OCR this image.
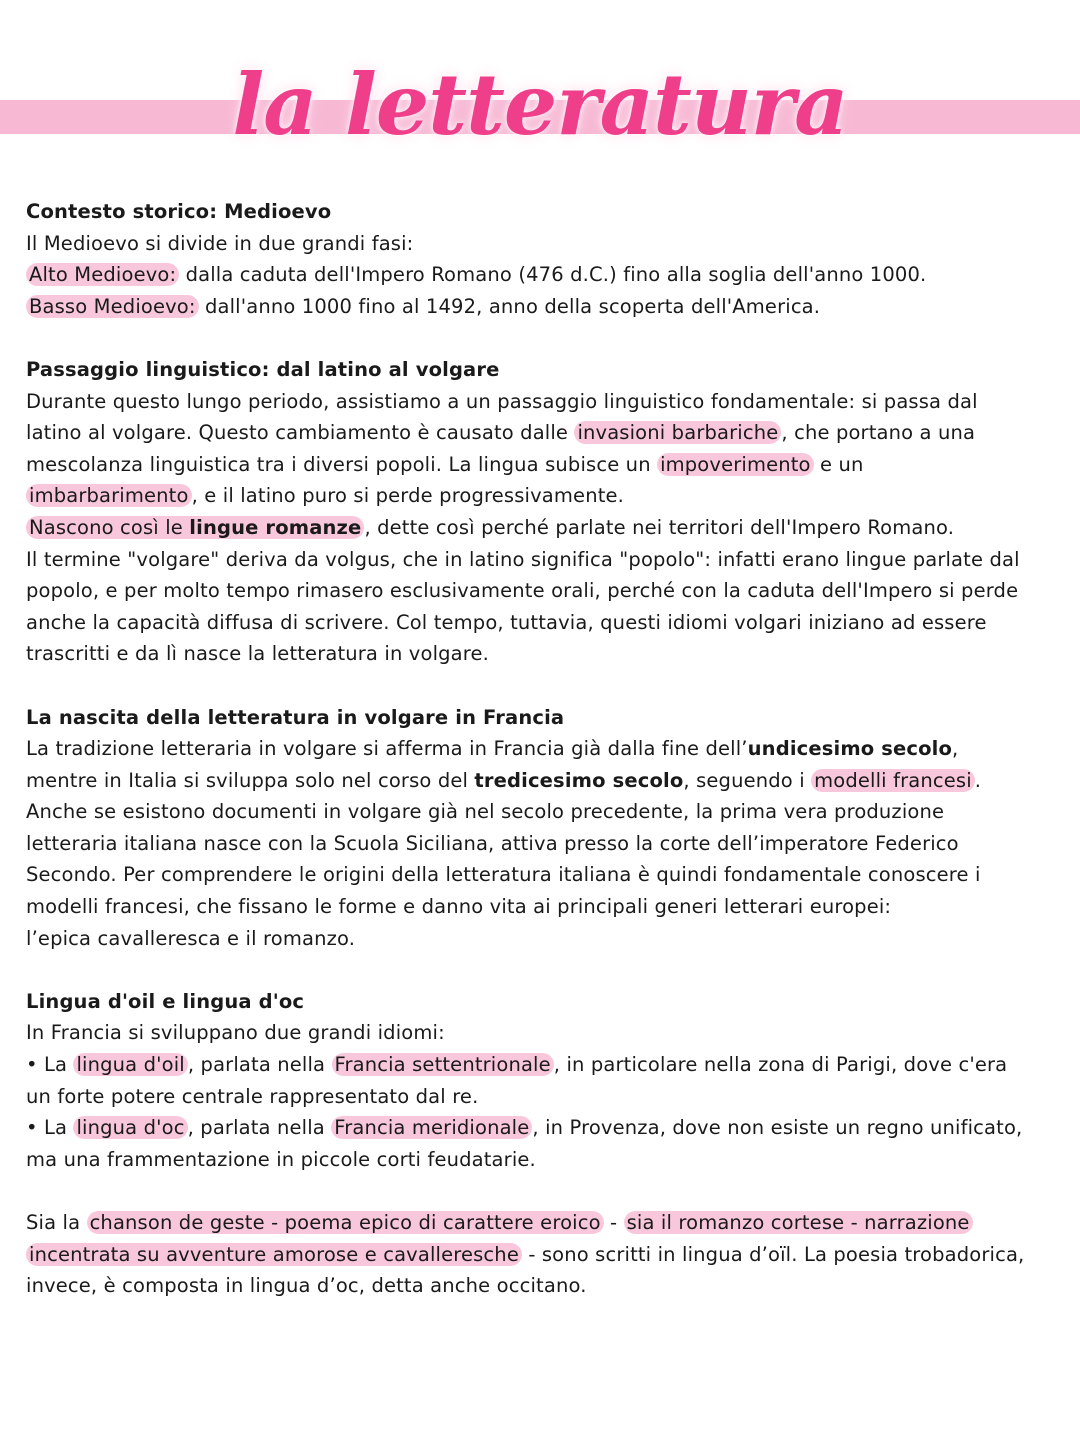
la letteratura
Contesto storico: Medioevo

Il Medioevo si divide in due grandi fasi:

Alto Medioevo: dalla caduta dell'Impero Romano (476 d.C.) fino alla soglia dell'anno 1000.

Basso Medioevo: dall'anno 1000 fino al 1492, anno della scoperta dell'America.

Passaggio linguistico: dal latino al volgare

Durante questo lungo periodo, assistiamo a un passaggio linguistico fondamentale: si passa dal latino al volgare. Questo cambiamento è causato dalle invasioni barbariche , che portano a una mescolanza linguistica tra i diversi popoli. La lingua subisce un impoverimento e un imbarbarimento , e il latino puro si perde progressivamente.

Nascono così le lingue romanze , dette così perché parlate nei territori dell'Impero Romano.

Il termine "volgare" deriva da volgus, che in latino significa "popolo": infatti erano lingue parlate dal popolo, e per molto tempo rimasero esclusivamente orali, perché con la caduta dell'Impero si perde anche la capacità diffusa di scrivere. Col tempo, tuttavia, questi idiomi volgari iniziano ad essere trascritti e da lì nasce la letteratura in volgare.

La nascita della letteratura in volgare in Francia

La tradizione letteraria in volgare si afferma in Francia già dalla fine dell’undicesimo secolo, mentre in Italia si sviluppa solo nel corso del tredicesimo secolo, seguendo i modelli francesi . Anche se esistono documenti in volgare già nel secolo precedente, la prima vera produzione letteraria italiana nasce con la Scuola Siciliana, attiva presso la corte dell’imperatore Federico Secondo. Per comprendere le origini della letteratura italiana è quindi fondamentale conoscere i modelli francesi, che fissano le forme e danno vita ai principali generi letterari europei:

l’epica cavalleresca e il romanzo.

Lingua d'oil e lingua d'oc

In Francia si sviluppano due grandi idiomi:

• La lingua d'oil , parlata nella Francia settentrionale , in particolare nella zona di Parigi, dove c'era un forte potere centrale rappresentato dal re.

• La lingua d'oc , parlata nella Francia meridionale , in Provenza, dove non esiste un regno unificato, ma una frammentazione in piccole corti feudatarie.

Sia la chanson de geste - poema epico di carattere eroico - sia il romanzo cortese - narrazione incentrata su avventure amorose e cavalleresche - sono scritti in lingua d’oïl. La poesia trobadorica, invece, è composta in lingua d’oc, detta anche occitano.
